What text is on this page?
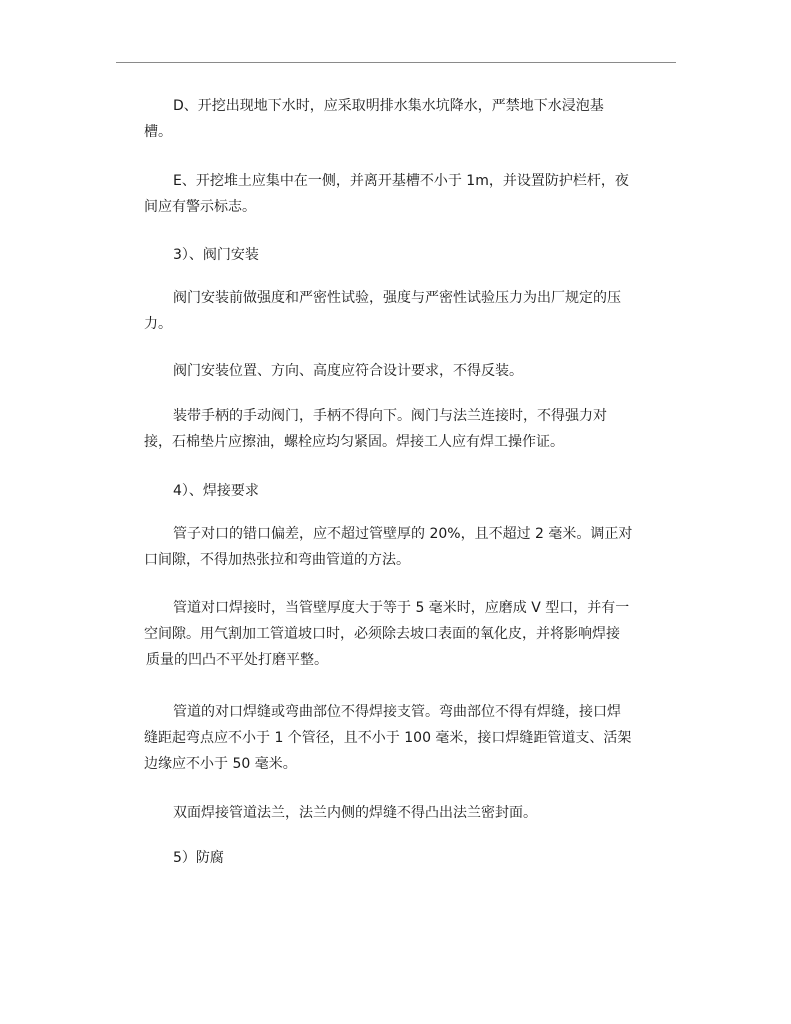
D、开挖出现地下水时，应采取明排水集水坑降水，严禁地下水浸泡基
槽。
E、开挖堆土应集中在一侧，并离开基槽不小于 1m，并设置防护栏杆，夜
间应有警示标志。
3）、阀门安装
阀门安装前做强度和严密性试验，强度与严密性试验压力为出厂规定的压
力。
阀门安装位置、方向、高度应符合设计要求，不得反装。
装带手柄的手动阀门，手柄不得向下。阀门与法兰连接时，不得强力对
接，石棉垫片应擦油，螺栓应均匀紧固。焊接工人应有焊工操作证。
4）、焊接要求
管子对口的错口偏差，应不超过管壁厚的 20%，且不超过 2 毫米。调正对
口间隙，不得加热张拉和弯曲管道的方法。
管道对口焊接时，当管壁厚度大于等于 5 毫米时，应磨成 V 型口，并有一
空间隙。用气割加工管道坡口时，必须除去坡口表面的氧化皮，并将影响焊接
质量的凹凸不平处打磨平整。
管道的对口焊缝或弯曲部位不得焊接支管。弯曲部位不得有焊缝，接口焊
缝距起弯点应不小于 1 个管径，且不小于 100 毫米，接口焊缝距管道支、活架
边缘应不小于 50 毫米。
双面焊接管道法兰，法兰内侧的焊缝不得凸出法兰密封面。
5）防腐
